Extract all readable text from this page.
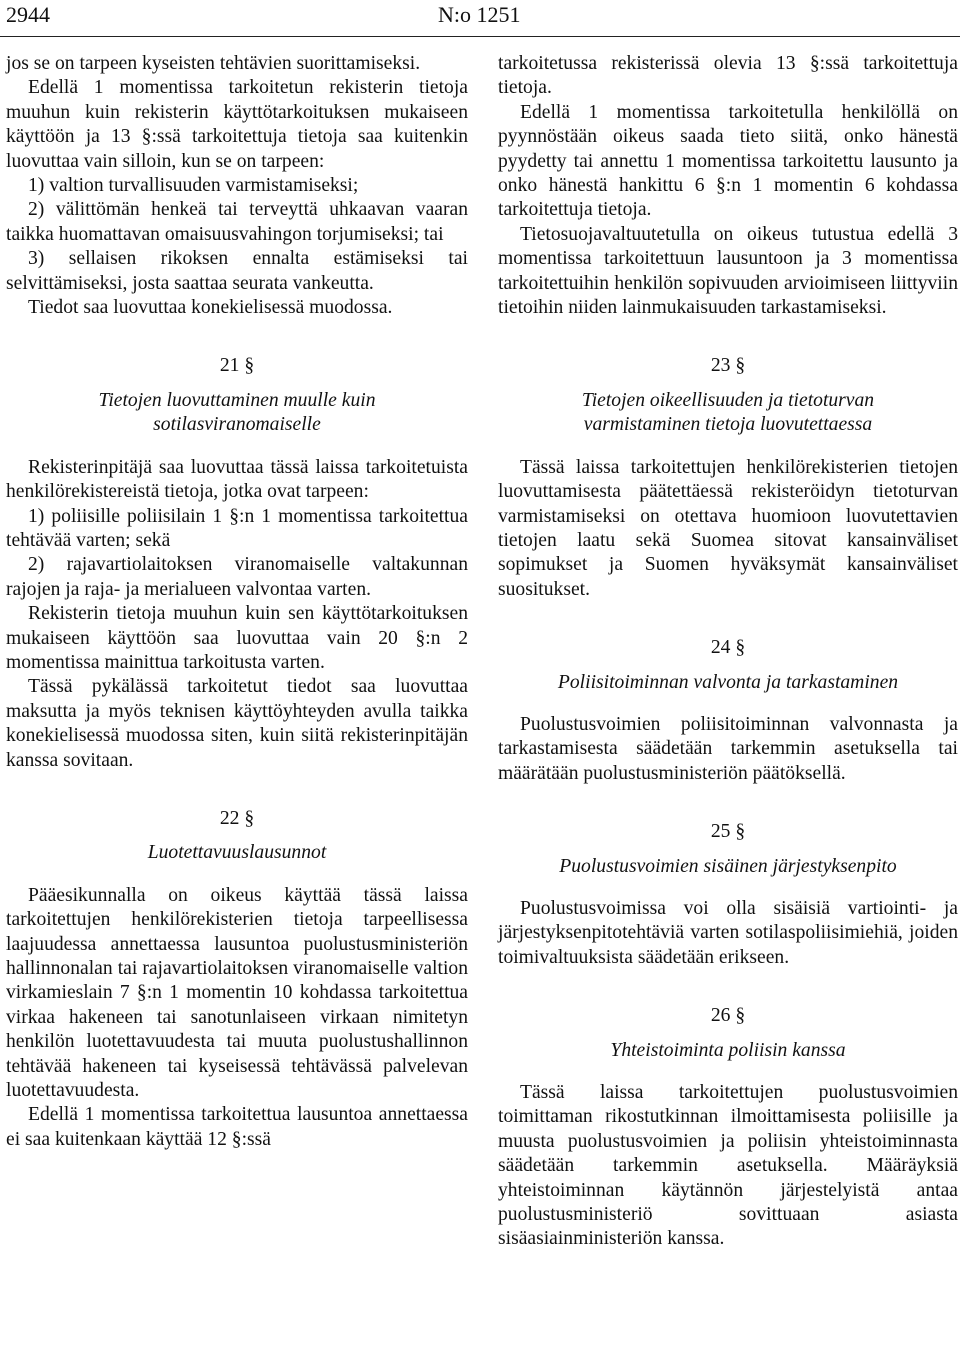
2944	N:o 1251

jos se on tarpeen kyseisten tehtävien suorittamiseksi.

Edellä 1 momentissa tarkoitetun rekisterin tietoja muuhun kuin rekisterin käyttötarkoituksen mukaiseen käyttöön ja 13 §:ssä tarkoitettuja tietoja saa kuitenkin luovuttaa vain silloin, kun se on tarpeen:

1) valtion turvallisuuden varmistamiseksi;

2) välittömän henkeä tai terveyttä uhkaavan vaaran taikka huomattavan omaisuusvahingon torjumiseksi; tai

3) sellaisen rikoksen ennalta estämiseksi tai selvittämiseksi, josta saattaa seurata vankeutta.

Tiedot saa luovuttaa konekielisessä muodossa.

21 §
Tietojen luovuttaminen muulle kuin sotilasviranomaiselle

Rekisterinpitäjä saa luovuttaa tässä laissa tarkoitetuista henkilörekistereistä tietoja, jotka ovat tarpeen:

1) poliisille poliisilain 1 §:n 1 momentissa tarkoitettua tehtävää varten; sekä

2) rajavartiolaitoksen viranomaiselle valtakunnan rajojen ja raja- ja merialueen valvontaa varten.

Rekisterin tietoja muuhun kuin sen käyttötarkoituksen mukaiseen käyttöön saa luovuttaa vain 20 §:n 2 momentissa mainittua tarkoitusta varten.

Tässä pykälässä tarkoitetut tiedot saa luovuttaa maksutta ja myös teknisen käyttöyhteyden avulla taikka konekielisessä muodossa siten, kuin siitä rekisterinpitäjän kanssa sovitaan.

22 §
Luotettavuuslausunnot

Pääesikunnalla on oikeus käyttää tässä laissa tarkoitettujen henkilörekisterien tietoja tarpeellisessa laajuudessa annettaessa lausuntoa puolustusministeriön hallinnonalan tai rajavartiolaitoksen viranomaiselle valtion virkamieslain 7 §:n 1 momentin 10 kohdassa tarkoitettua virkaa hakeneen tai sanotunlaiseen virkaan nimitetyn henkilön luotettavuudesta tai muuta puolustushallinnon tehtävää hakeneen tai kyseisessä tehtävässä palvelevan luotettavuudesta.

Edellä 1 momentissa tarkoitettua lausuntoa annettaessa ei saa kuitenkaan käyttää 12 §:ssä

tarkoitetussa rekisterissä olevia 13 §:ssä tarkoitettuja tietoja.

Edellä 1 momentissa tarkoitetulla henkilöllä on pyynnöstään oikeus saada tieto siitä, onko hänestä pyydetty tai annettu 1 momentissa tarkoitettu lausunto ja onko hänestä hankittu 6 §:n 1 momentin 6 kohdassa tarkoitettuja tietoja.

Tietosuojavaltuutetulla on oikeus tutustua edellä 3 momentissa tarkoitettuun lausuntoon ja 3 momentissa tarkoitettuihin henkilön sopivuuden arvioimiseen liittyviin tietoihin niiden lainmukaisuuden tarkastamiseksi.

23 §
Tietojen oikeellisuuden ja tietoturvan varmistaminen tietoja luovutettaessa

Tässä laissa tarkoitettujen henkilörekisterien tietojen luovuttamisesta päätettäessä rekisteröidyn tietoturvan varmistamiseksi on otettava huomioon luovutettavien tietojen laatu sekä Suomea sitovat kansainväliset sopimukset ja Suomen hyväksymät kansainväliset suositukset.

24 §
Poliisitoiminnan valvonta ja tarkastaminen

Puolustusvoimien poliisitoiminnan valvonnasta ja tarkastamisesta säädetään tarkemmin asetuksella tai määrätään puolustusministeriön päätöksellä.

25 §
Puolustusvoimien sisäinen järjestyksenpito

Puolustusvoimissa voi olla sisäisiä vartiointi- ja järjestyksenpitotehtäviä varten sotilaspoliisimiehiä, joiden toimivaltuuksista säädetään erikseen.

26 §
Yhteistoiminta poliisin kanssa

Tässä laissa tarkoitettujen puolustusvoimien toimittaman rikostutkinnan ilmoittamisesta poliisille ja muusta puolustusvoimien ja poliisin yhteistoiminnasta säädetään tarkemmin asetuksella. Määräyksiä yhteistoiminnan käytännön järjestelyistä antaa puolustusministeriö sovittuaan asiasta sisäasiainministeriön kanssa.
